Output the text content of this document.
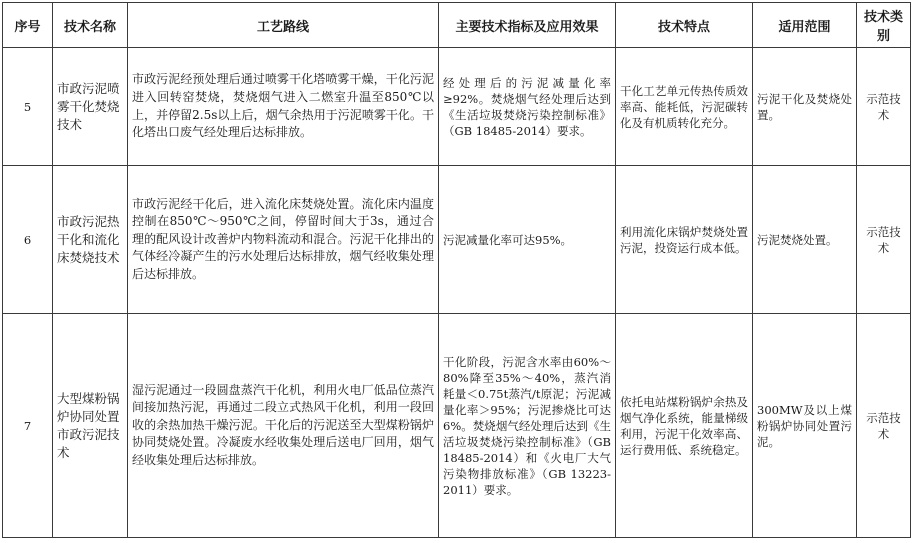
序号	技术名称	工艺路线	主要技术指标及应用效果	技术特点	适用范围	技术类别
5	市政污泥喷雾干化焚烧技术	市政污泥经预处理后通过喷雾干化塔喷雾干燥，干化污泥进入回转窑焚烧，焚烧烟气进入二燃室升温至850℃以上，并停留2.5s以上后，烟气余热用于污泥喷雾干化。干化塔出口废气经处理后达标排放。	经处理后的污泥减量化率≥92%。焚烧烟气经处理后达到《生活垃圾焚烧污染控制标准》（GB 18485-2014）要求。	干化工艺单元传热传质效率高、能耗低，污泥碳转化及有机质转化充分。	污泥干化及焚烧处置。	示范技术
6	市政污泥热干化和流化床焚烧技术	市政污泥经干化后，进入流化床焚烧处置。流化床内温度控制在850℃～950℃之间，停留时间大于3s，通过合理的配风设计改善炉内物料流动和混合。污泥干化排出的气体经冷凝产生的污水处理后达标排放，烟气经收集处理后达标排放。	污泥减量化率可达95%。	利用流化床锅炉焚烧处置污泥，投资运行成本低。	污泥焚烧处置。	示范技术
7	大型煤粉锅炉协同处置市政污泥技术	湿污泥通过一段圆盘蒸汽干化机，利用火电厂低品位蒸汽间接加热污泥，再通过二段立式热风干化机，利用一段回收的余热加热干燥污泥。干化后的污泥送至大型煤粉锅炉协同焚烧处置。冷凝废水经收集处理后送电厂回用，烟气经收集处理后达标排放。	干化阶段，污泥含水率由60%～80%降至35%～40%，蒸汽消耗量＜0.75t蒸汽/t原泥；污泥减量化率＞95%；污泥掺烧比可达6%。焚烧烟气经处理后达到《生活垃圾焚烧污染控制标准》（GB 18485-2014）和《火电厂大气污染物排放标准》（GB 13223-2011）要求。	依托电站煤粉锅炉余热及烟气净化系统，能量梯级利用，污泥干化效率高、运行费用低、系统稳定。	300MW及以上煤粉锅炉协同处置污泥。	示范技术
